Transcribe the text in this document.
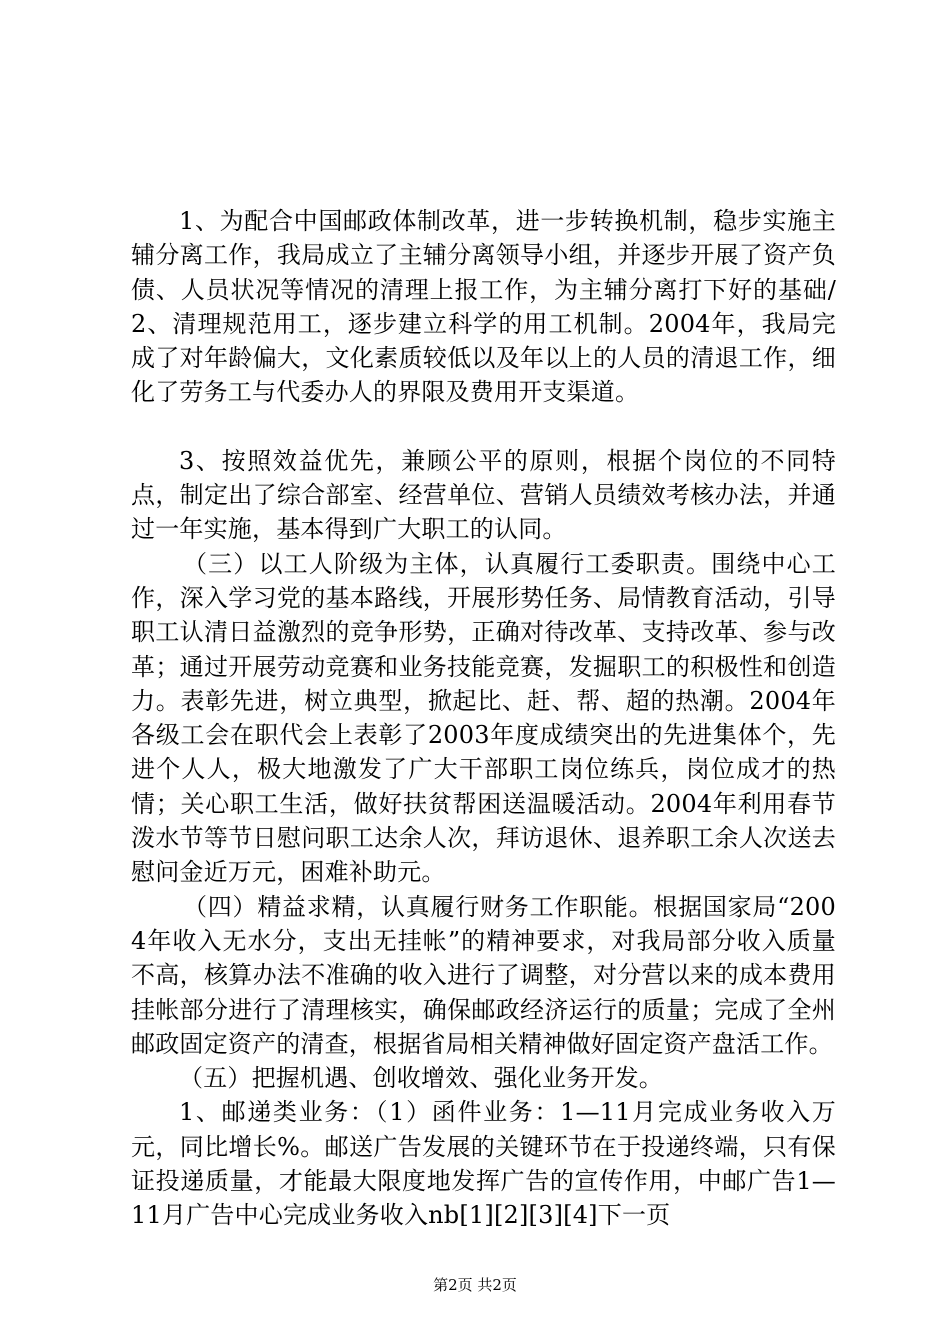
1、为配合中国邮政体制改革，进一步转换机制，稳步实施主辅分离工作，我局成立了主辅分离领导小组，并逐步开展了资产负债、人员状况等情况的清理上报工作，为主辅分离打下好的基础/2、清理规范用工，逐步建立科学的用工机制。2004年，我局完成了对年龄偏大，文化素质较低以及年以上的人员的清退工作，细化了劳务工与代委办人的界限及费用开支渠道。

3、按照效益优先，兼顾公平的原则，根据个岗位的不同特点，制定出了综合部室、经营单位、营销人员绩效考核办法，并通过一年实施，基本得到广大职工的认同。

（三）以工人阶级为主体，认真履行工委职责。围绕中心工作，深入学习党的基本路线，开展形势任务、局情教育活动，引导职工认清日益激烈的竞争形势，正确对待改革、支持改革、参与改革；通过开展劳动竞赛和业务技能竞赛，发掘职工的积极性和创造力。表彰先进，树立典型，掀起比、赶、帮、超的热潮。2004年各级工会在职代会上表彰了2003年度成绩突出的先进集体个，先进个人人，极大地激发了广大干部职工岗位练兵，岗位成才的热情；关心职工生活，做好扶贫帮困送温暖活动。2004年利用春节泼水节等节日慰问职工达余人次，拜访退休、退养职工余人次送去慰问金近万元，困难补助元。

（四）精益求精，认真履行财务工作职能。根据国家局“2004年收入无水分，支出无挂帐”的精神要求，对我局部分收入质量不高，核算办法不准确的收入进行了调整，对分营以来的成本费用挂帐部分进行了清理核实，确保邮政经济运行的质量；完成了全州邮政固定资产的清查，根据省局相关精神做好固定资产盘活工作。

（五）把握机遇、创收增效、强化业务开发。

1、邮递类业务：（1）函件业务：1—11月完成业务收入万元，同比增长%。邮送广告发展的关键环节在于投递终端，只有保证投递质量，才能最大限度地发挥广告的宣传作用，中邮广告1—11月广告中心完成业务收入nb[1][2][3][4]下一页

第2页 共2页
